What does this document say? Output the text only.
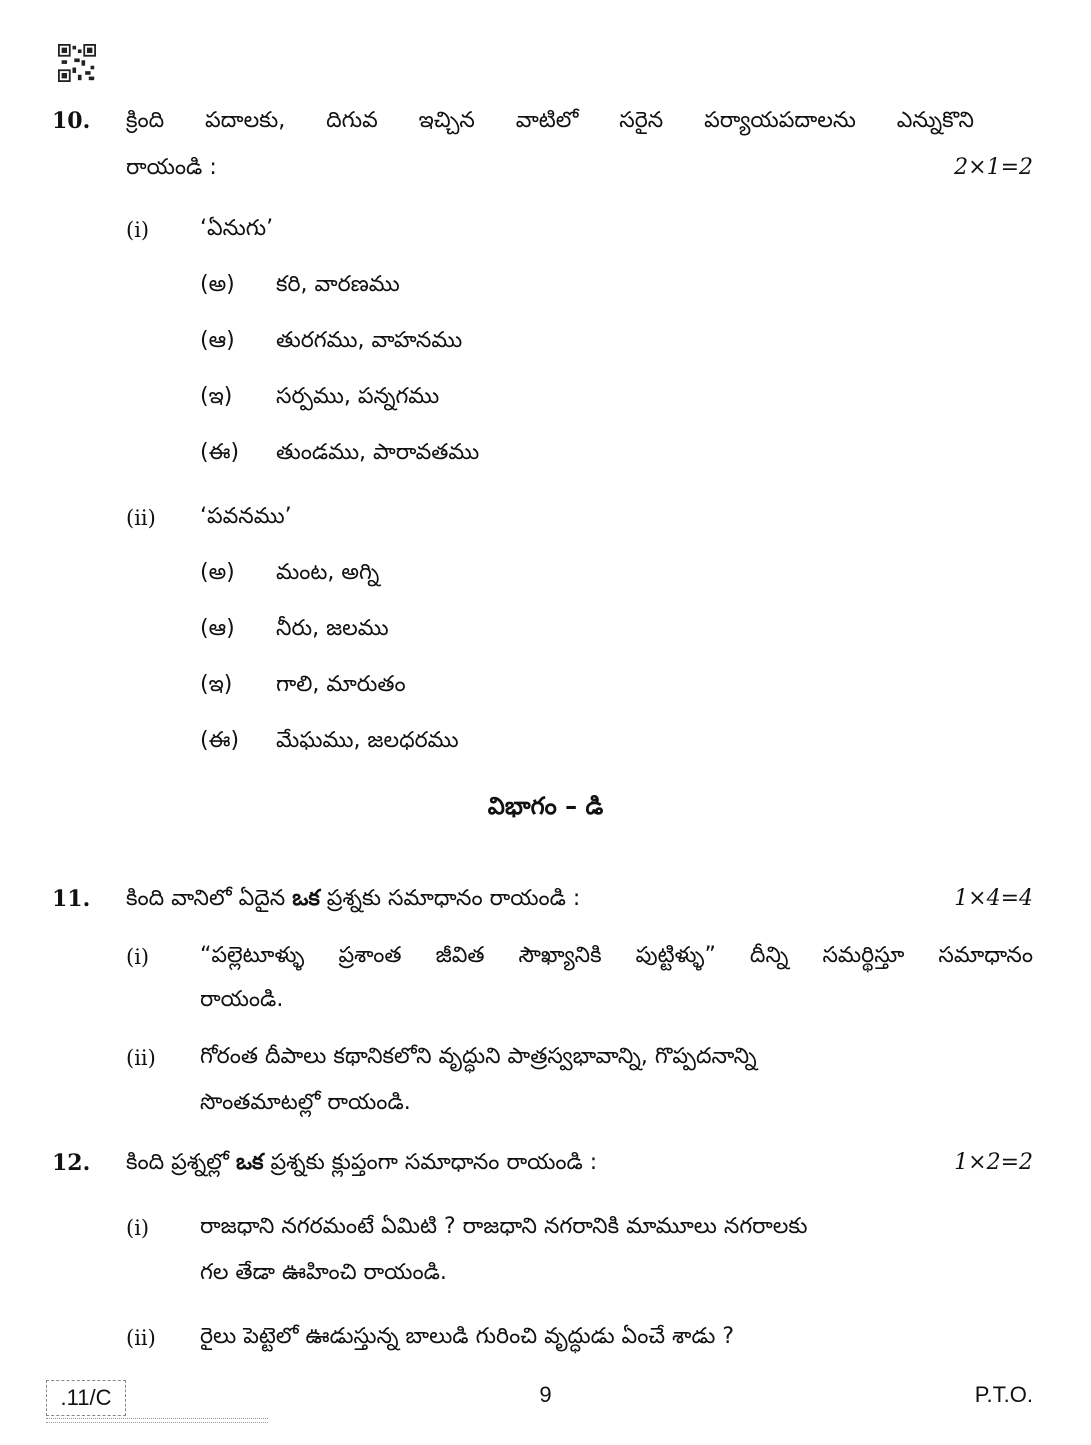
10. క్రింది పదాలకు, దిగువ ఇచ్చిన వాటిలో సరైన పర్యాయపదాలను ఎన్నుకొని
రాయండి :	2×1=2
(i) ‘ఏనుగు’
(అ) కరి, వారణము
(ఆ) తురగము, వాహనము
(ఇ) సర్పము, పన్నగము
(ఈ) తుండము, పారావతము
(ii) ‘పవనము’
(అ) మంట, అగ్ని
(ఆ) నీరు, జలము
(ఇ) గాలి, మారుతం
(ఈ) మేఘము, జలధరము
విభాగం – డి
11. కింది వానిలో ఏదైన ఒక ప్రశ్నకు సమాధానం రాయండి :	1×4=4
(i) “పల్లెటూళ్ళు ప్రశాంత జీవిత సౌఖ్యానికి పుట్టిళ్ళు” దీన్ని సమర్థిస్తూ సమాధానం
రాయండి.
(ii) గోరంత దీపాలు కథానికలోని వృద్ధుని పాత్రస్వభావాన్ని, గొప్పదనాన్ని
సొంతమాటల్లో రాయండి.
12. కింది ప్రశ్నల్లో ఒక ప్రశ్నకు క్లుప్తంగా సమాధానం రాయండి :	1×2=2
(i) రాజధాని నగరమంటే ఏమిటి ? రాజధాని నగరానికి మామూలు నగరాలకు
గల తేడా ఊహించి రాయండి.
(ii) రైలు పెట్టెలో ఊడుస్తున్న బాలుడి గురించి వృద్ధుడు ఏంచే శాడు ?
.11/C	9	P.T.O.
